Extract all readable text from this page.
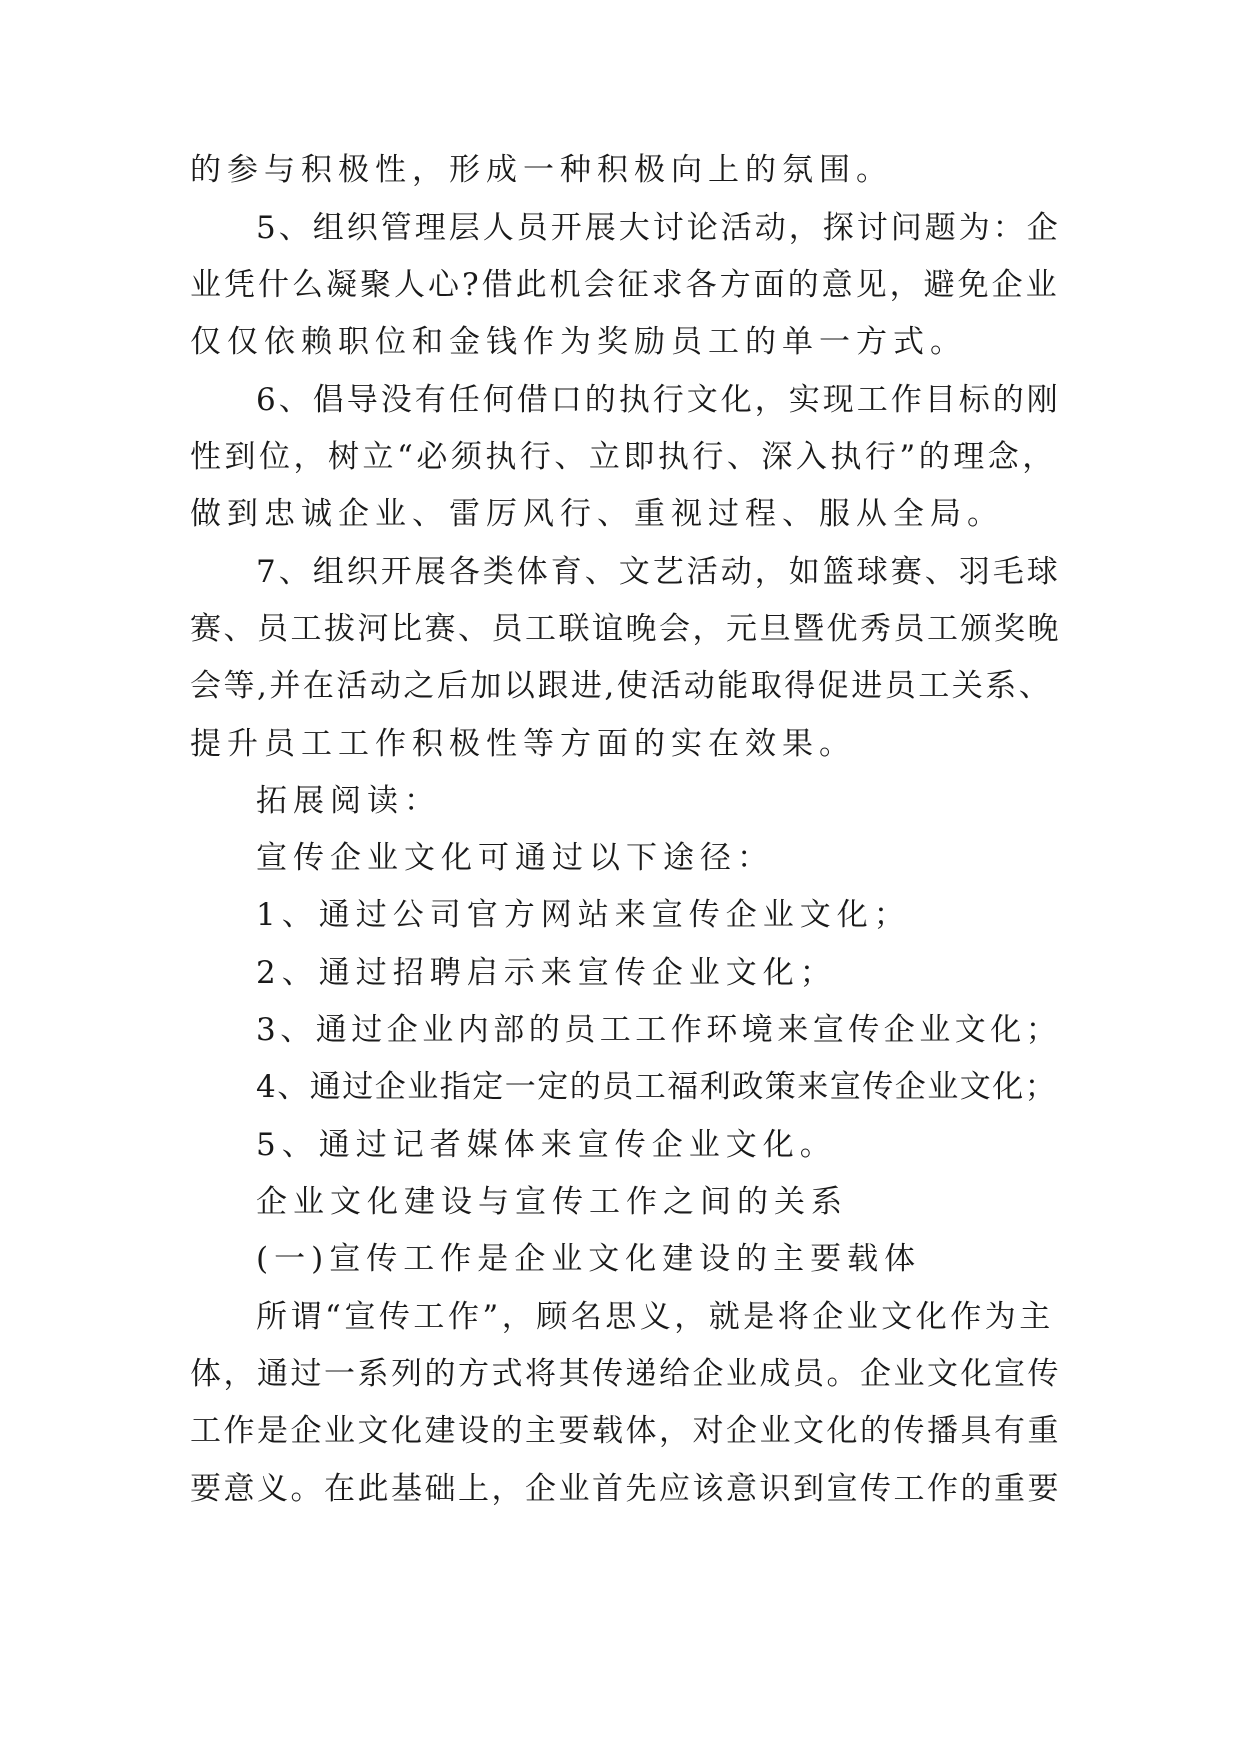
的参与积极性，形成一种积极向上的氛围。
5、组织管理层人员开展大讨论活动，探讨问题为：企
业凭什么凝聚人心?借此机会征求各方面的意见，避免企业
仅仅依赖职位和金钱作为奖励员工的单一方式。
6、倡导没有任何借口的执行文化，实现工作目标的刚
性到位，树立“必须执行、立即执行、深入执行”的理念，
做到忠诚企业、雷厉风行、重视过程、服从全局。
7、组织开展各类体育、文艺活动，如篮球赛、羽毛球
赛、员工拔河比赛、员工联谊晚会，元旦暨优秀员工颁奖晚
会等,并在活动之后加以跟进,使活动能取得促进员工关系、
提升员工工作积极性等方面的实在效果。
拓展阅读：
宣传企业文化可通过以下途径：
1、通过公司官方网站来宣传企业文化；
2、通过招聘启示来宣传企业文化；
3、通过企业内部的员工工作环境来宣传企业文化；
4、通过企业指定一定的员工福利政策来宣传企业文化；
5、通过记者媒体来宣传企业文化。
企业文化建设与宣传工作之间的关系
(一)宣传工作是企业文化建设的主要载体
所谓“宣传工作”，顾名思义，就是将企业文化作为主
体，通过一系列的方式将其传递给企业成员。企业文化宣传
工作是企业文化建设的主要载体，对企业文化的传播具有重
要意义。在此基础上，企业首先应该意识到宣传工作的重要
